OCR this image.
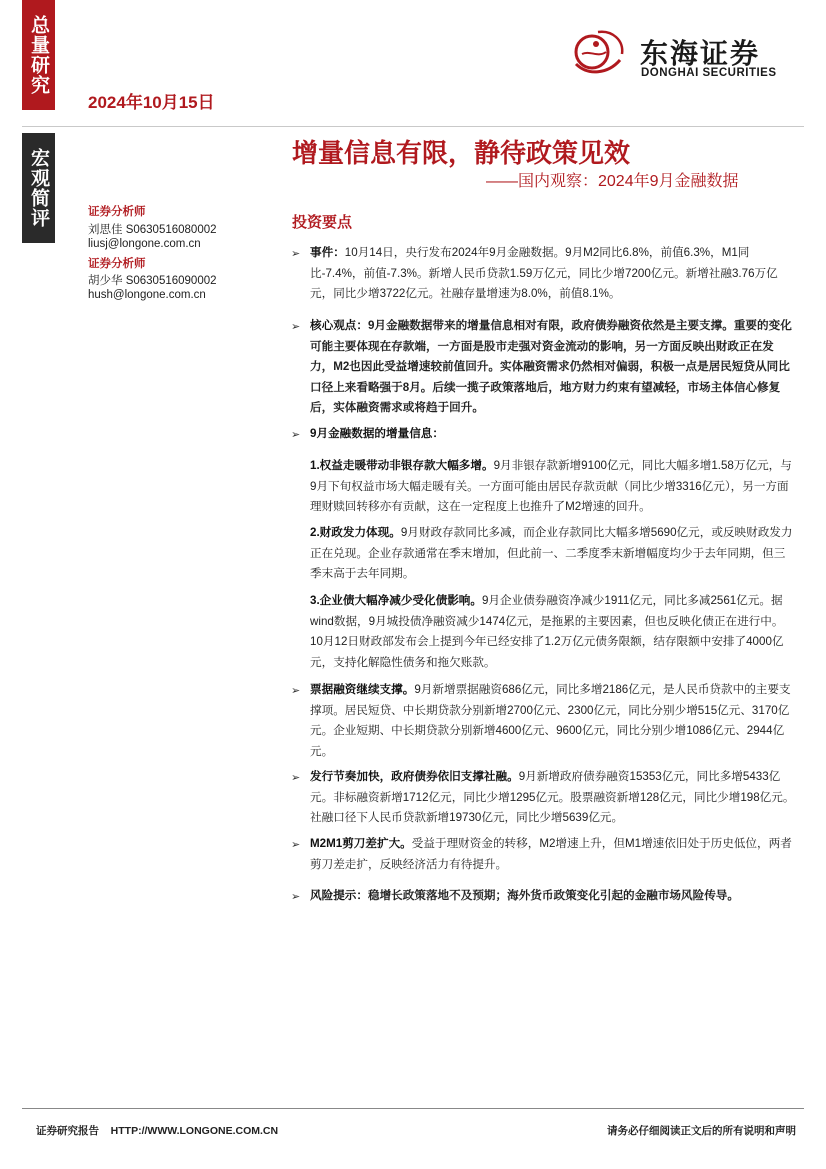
总量研究
宏观简评
2024年10月15日
东海证券
DONGHAI SECURITIES
增量信息有限，静待政策见效
——国内观察：2024年9月金融数据
证券分析师
刘思佳 S0630516080002
liusj@longone.com.cn
证券分析师
胡少华 S0630516090002
hush@longone.com.cn
投资要点
➢ 事件：10月14日，央行发布2024年9月金融数据。9月M2同比6.8%，前值6.3%，M1同比-7.4%，前值-7.3%。新增人民币贷款1.59万亿元，同比少增7200亿元。新增社融3.76万亿元，同比少增3722亿元。社融存量增速为8.0%，前值8.1%。
➢ 核心观点：9月金融数据带来的增量信息相对有限，政府债券融资依然是主要支撑。重要的变化可能主要体现在存款端，一方面是股市走强对资金流动的影响，另一方面反映出财政正在发力，M2也因此受益增速较前值回升。实体融资需求仍然相对偏弱，积极一点是居民短贷从同比口径上来看略强于8月。后续一揽子政策落地后，地方财力约束有望减轻，市场主体信心修复后，实体融资需求或将趋于回升。
➢ 9月金融数据的增量信息：
1.权益走暖带动非银存款大幅多增。9月非银存款新增9100亿元，同比大幅多增1.58万亿元，与9月下旬权益市场大幅走暖有关。一方面可能由居民存款贡献（同比少增3316亿元），另一方面理财赎回转移亦有贡献，这在一定程度上也推升了M2增速的回升。
2.财政发力体现。9月财政存款同比多减，而企业存款同比大幅多增5690亿元，或反映财政发力正在兑现。企业存款通常在季末增加，但此前一、二季度季末新增幅度均少于去年同期，但三季末高于去年同期。
3.企业债大幅净减少受化债影响。9月企业债券融资净减少1911亿元，同比多减2561亿元。据wind数据，9月城投债净融资减少1474亿元，是拖累的主要因素，但也反映化债正在进行中。10月12日财政部发布会上提到今年已经安排了1.2万亿元债务限额，结存限额中安排了4000亿元，支持化解隐性债务和拖欠账款。
➢ 票据融资继续支撑。9月新增票据融资686亿元，同比多增2186亿元，是人民币贷款中的主要支撑项。居民短贷、中长期贷款分别新增2700亿元、2300亿元，同比分别少增515亿元、3170亿元。企业短期、中长期贷款分别新增4600亿元、9600亿元，同比分别少增1086亿元、2944亿元。
➢ 发行节奏加快，政府债券依旧支撑社融。9月新增政府债券融资15353亿元，同比多增5433亿元。非标融资新增1712亿元，同比少增1295亿元。股票融资新增128亿元，同比少增198亿元。社融口径下人民币贷款新增19730亿元，同比少增5639亿元。
➢ M2M1剪刀差扩大。受益于理财资金的转移，M2增速上升，但M1增速依旧处于历史低位，两者剪刀差走扩，反映经济活力有待提升。
➢ 风险提示：稳增长政策落地不及预期；海外货币政策变化引起的金融市场风险传导。
证券研究报告    HTTP://WWW.LONGONE.COM.CN	请务必仔细阅读正文后的所有说明和声明
